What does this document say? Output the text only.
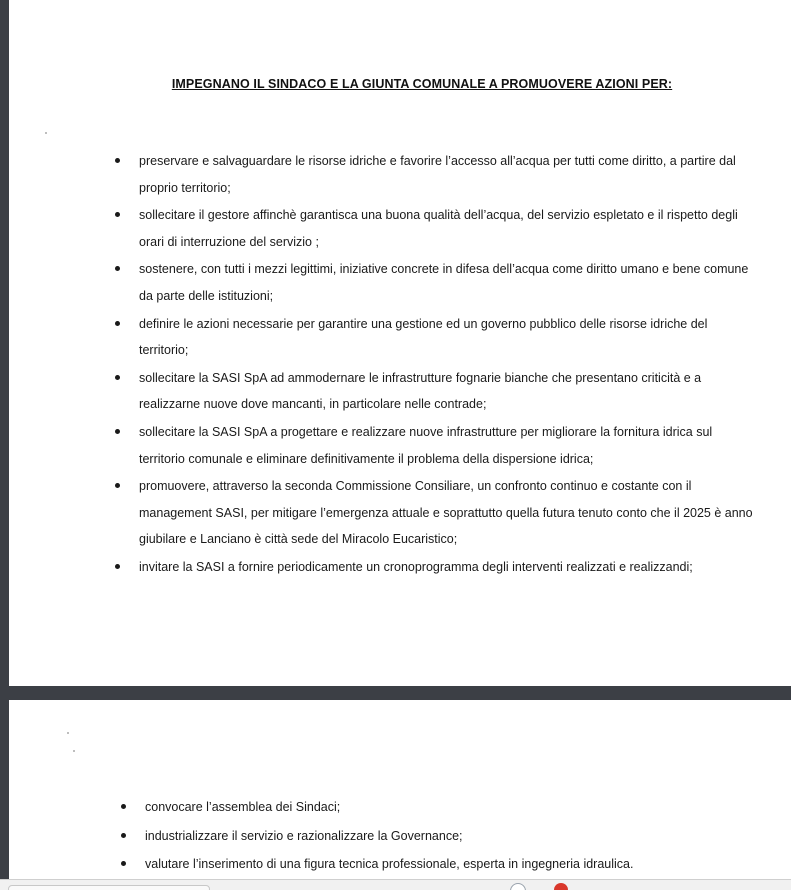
IMPEGNANO IL SINDACO E LA GIUNTA COMUNALE A PROMUOVERE AZIONI PER:
preservare e salvaguardare le risorse idriche e favorire l’accesso all’acqua per tutti come diritto, a partire dal proprio territorio;
sollecitare il gestore affinchè garantisca una buona qualità dell’acqua, del servizio espletato e il rispetto degli orari di interruzione del servizio ;
sostenere, con tutti i mezzi legittimi, iniziative concrete in difesa dell’acqua come diritto umano e bene comune da parte delle istituzioni;
definire le azioni necessarie per garantire una gestione ed un governo pubblico delle risorse idriche del territorio;
sollecitare la SASI SpA ad ammodernare le infrastrutture fognarie bianche che presentano criticità e a realizzarne nuove dove mancanti, in particolare nelle contrade;
sollecitare la SASI SpA a progettare e realizzare nuove infrastrutture per migliorare la fornitura idrica sul territorio comunale e eliminare definitivamente il problema della dispersione idrica;
promuovere, attraverso la seconda Commissione Consiliare, un confronto continuo e costante con il management SASI, per mitigare l’emergenza attuale e soprattutto quella futura tenuto conto che il 2025 è anno giubilare e Lanciano è città sede del Miracolo Eucaristico;
invitare la SASI a fornire periodicamente un cronoprogramma degli interventi realizzati e realizzandi;
convocare l’assemblea dei Sindaci;
industrializzare il servizio e razionalizzare la Governance;
valutare l’inserimento di una figura tecnica professionale, esperta in ingegneria idraulica.
